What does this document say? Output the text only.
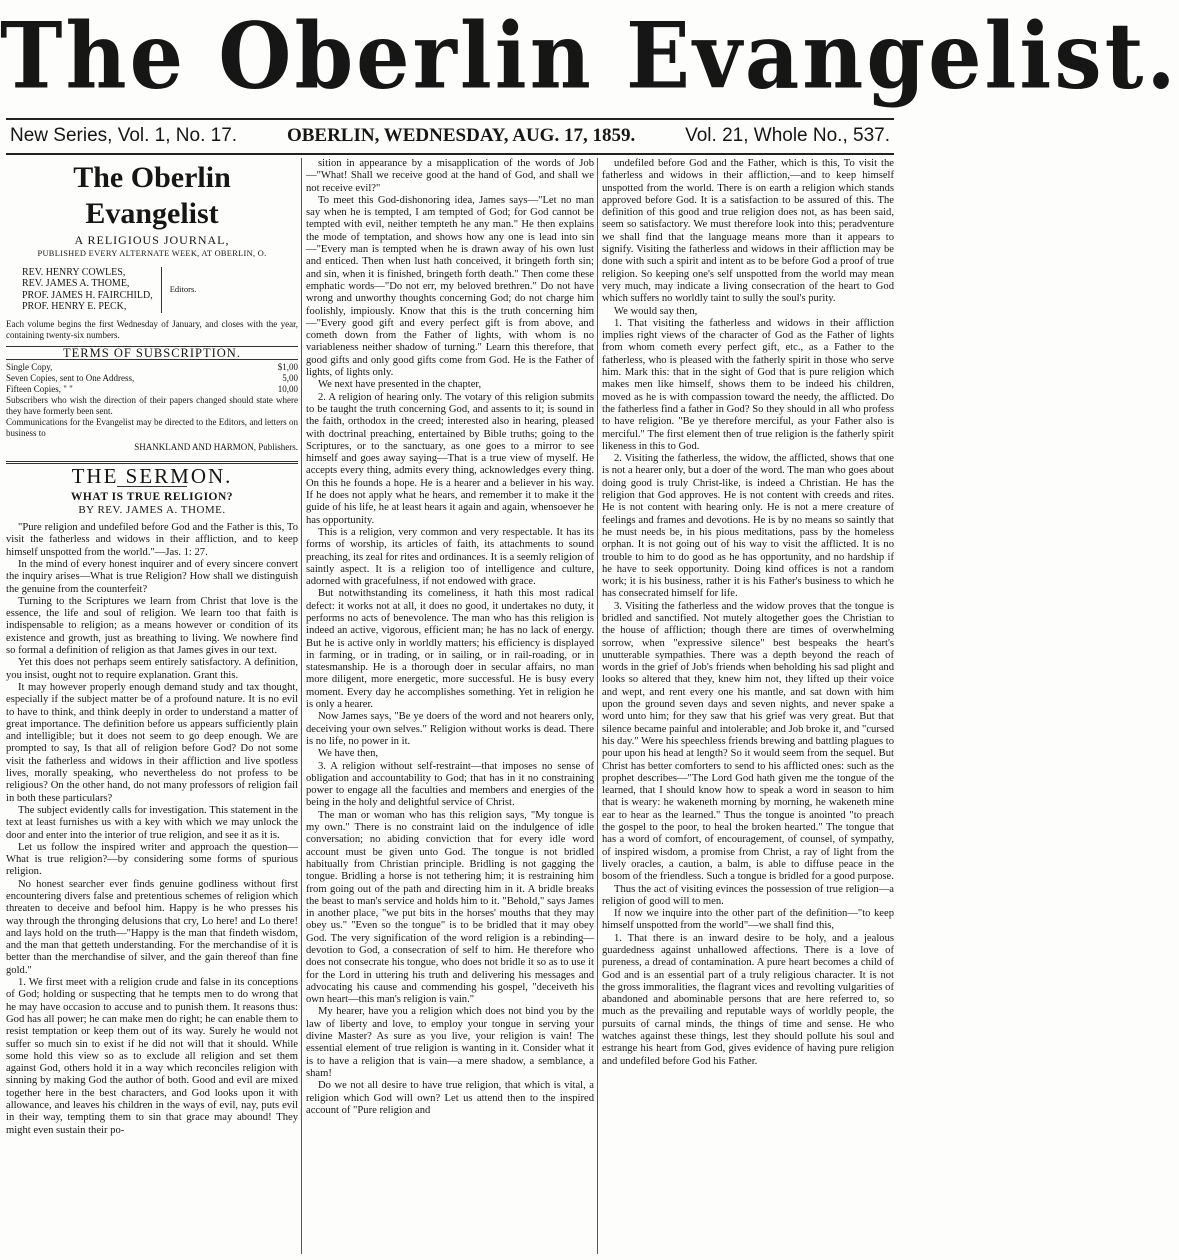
The Oberlin Evangelist.
New Series, Vol. 1, No. 17.	OBERLIN, WEDNESDAY, AUG. 17, 1859.	Vol. 21, Whole No., 537.
The Oberlin Evangelist
A RELIGIOUS JOURNAL,
PUBLISHED EVERY ALTERNATE WEEK, AT OBERLIN, O.
REV. HENRY COWLES,
REV. JAMES A. THOME,
PROF. JAMES H. FAIRCHILD,
PROF. HENRY E. PECK,
Editors.
Each volume begins the first Wednesday of January, and closes with the year, containing twenty-six numbers.
TERMS OF SUBSCRIPTION.
Single Copy,	$1,00
Seven Copies, sent to One Address,	5,00
Fifteen Copies, " "	10,00
Subscribers who wish the direction of their papers changed should state where they have formerly been sent.
Communications for the Evangelist may be directed to the Editors, and letters on business to
SHANKLAND AND HARMON, Publishers.
THE SERMON.
WHAT IS TRUE RELIGION?
BY REV. JAMES A. THOME.

"Pure religion and undefiled before God and the Father is this, To visit the fatherless and widows in their affliction, and to keep himself unspotted from the world."—Jas. 1: 27.

In the mind of every honest inquirer and of every sincere convert the inquiry arises—What is true Religion? How shall we distinguish the genuine from the counterfeit?

Turning to the Scriptures we learn from Christ that love is the essence, the life and soul of religion. We learn too that faith is indispensable to religion; as a means however or condition of its existence and growth, just as breathing to living. We nowhere find so formal a definition of religion as that James gives in our text.

Yet this does not perhaps seem entirely satisfactory. A definition, you insist, ought not to require explanation. Grant this.

It may however properly enough demand study and tax thought, especially if the subject matter be of a profound nature. It is no evil to have to think, and think deeply in order to understand a matter of great importance. The definition before us appears sufficiently plain and intelligible; but it does not seem to go deep enough. We are prompted to say, Is that all of religion before God? Do not some visit the fatherless and widows in their affliction and live spotless lives, morally speaking, who nevertheless do not profess to be religious? On the other hand, do not many professors of religion fail in both these particulars?

The subject evidently calls for investigation. This statement in the text at least furnishes us with a key with which we may unlock the door and enter into the interior of true religion, and see it as it is.

Let us follow the inspired writer and approach the question—What is true religion?—by considering some forms of spurious religion.

No honest searcher ever finds genuine godliness without first encountering divers false and pretentious schemes of religion which threaten to deceive and befool him. Happy is he who presses his way through the thronging delusions that cry, Lo here! and Lo there! and lays hold on the truth—"Happy is the man that findeth wisdom, and the man that getteth understanding. For the merchandise of it is better than the merchandise of silver, and the gain thereof than fine gold."

1. We first meet with a religion crude and false in its conceptions of God; holding or suspecting that he tempts men to do wrong that he may have occasion to accuse and to punish them. It reasons thus: God has all power; he can make men do right; he can enable them to resist temptation or keep them out of its way. Surely he would not suffer so much sin to exist if he did not will that it should. While some hold this view so as to exclude all religion and set them against God, others hold it in a way which reconciles religion with sinning by making God the author of both. Good and evil are mixed together here in the best characters, and God looks upon it with allowance, and leaves his children in the ways of evil, nay, puts evil in their way, tempting them to sin that grace may abound! They might even sustain their po-

sition in appearance by a misapplication of the words of Job—"What! Shall we receive good at the hand of God, and shall we not receive evil?"

To meet this God-dishonoring idea, James says—"Let no man say when he is tempted, I am tempted of God; for God cannot be tempted with evil, neither tempteth he any man." He then explains the mode of temptation, and shows how any one is lead into sin—"Every man is tempted when he is drawn away of his own lust and enticed. Then when lust hath conceived, it bringeth forth sin; and sin, when it is finished, bringeth forth death." Then come these emphatic words—"Do not err, my beloved brethren." Do not have wrong and unworthy thoughts concerning God; do not charge him foolishly, impiously. Know that this is the truth concerning him—"Every good gift and every perfect gift is from above, and cometh down from the Father of lights, with whom is no variableness neither shadow of turning." Learn this therefore, that good gifts and only good gifts come from God. He is the Father of lights, of lights only.

We next have presented in the chapter,

2. A religion of hearing only. The votary of this religion submits to be taught the truth concerning God, and assents to it; is sound in the faith, orthodox in the creed; interested also in hearing, pleased with doctrinal preaching, entertained by Bible truths; going to the Scriptures, or to the sanctuary, as one goes to a mirror to see himself and goes away saying—That is a true view of myself. He accepts every thing, admits every thing, acknowledges every thing. On this he founds a hope. He is a hearer and a believer in his way. If he does not apply what he hears, and remember it to make it the guide of his life, he at least hears it again and again, whensoever he has opportunity.

This is a religion, very common and very respectable. It has its forms of worship, its articles of faith, its attachments to sound preaching, its zeal for rites and ordinances. It is a seemly religion of saintly aspect. It is a religion too of intelligence and culture, adorned with gracefulness, if not endowed with grace.

But notwithstanding its comeliness, it hath this most radical defect: it works not at all, it does no good, it undertakes no duty, it performs no acts of benevolence. The man who has this religion is indeed an active, vigorous, efficient man; he has no lack of energy. But he is active only in worldly matters; his efficiency is displayed in farming, or in trading, or in sailing, or in rail-roading, or in statesmanship. He is a thorough doer in secular affairs, no man more diligent, more energetic, more successful. He is busy every moment. Every day he accomplishes something. Yet in religion he is only a hearer.

Now James says, "Be ye doers of the word and not hearers only, deceiving your own selves." Religion without works is dead. There is no life, no power in it.

We have then,

3. A religion without self-restraint—that imposes no sense of obligation and accountability to God; that has in it no constraining power to engage all the faculties and members and energies of the being in the holy and delightful service of Christ.

The man or woman who has this religion says, "My tongue is my own." There is no constraint laid on the indulgence of idle conversation; no abiding conviction that for every idle word account must be given unto God. The tongue is not bridled habitually from Christian principle. Bridling is not gagging the tongue. Bridling a horse is not tethering him; it is restraining him from going out of the path and directing him in it. A bridle breaks the beast to man's service and holds him to it. "Behold," says James in another place, "we put bits in the horses' mouths that they may obey us." "Even so the tongue" is to be bridled that it may obey God. The very signification of the word religion is a rebinding—devotion to God, a consecration of self to him. He therefore who does not consecrate his tongue, who does not bridle it so as to use it for the Lord in uttering his truth and delivering his messages and advocating his cause and commending his gospel, "deceiveth his own heart—this man's religion is vain."

My hearer, have you a religion which does not bind you by the law of liberty and love, to employ your tongue in serving your divine Master? As sure as you live, your religion is vain! The essential element of true religion is wanting in it. Consider what it is to have a religion that is vain—a mere shadow, a semblance, a sham!

Do we not all desire to have true religion, that which is vital, a religion which God will own? Let us attend then to the inspired account of "Pure religion and

undefiled before God and the Father, which is this, To visit the fatherless and widows in their affliction,—and to keep himself unspotted from the world. There is on earth a religion which stands approved before God. It is a satisfaction to be assured of this. The definition of this good and true religion does not, as has been said, seem so satisfactory. We must therefore look into this; peradventure we shall find that the language means more than it appears to signify. Visiting the fatherless and widows in their affliction may be done with such a spirit and intent as to be before God a proof of true religion. So keeping one's self unspotted from the world may mean very much, may indicate a living consecration of the heart to God which suffers no worldly taint to sully the soul's purity.

We would say then,

1. That visiting the fatherless and widows in their affliction implies right views of the character of God as the Father of lights from whom cometh every perfect gift, etc., as a Father to the fatherless, who is pleased with the fatherly spirit in those who serve him. Mark this: that in the sight of God that is pure religion which makes men like himself, shows them to be indeed his children, moved as he is with compassion toward the needy, the afflicted. Do the fatherless find a father in God? So they should in all who profess to have religion. "Be ye therefore merciful, as your Father also is merciful." The first element then of true religion is the fatherly spirit likeness in this to God.

2. Visiting the fatherless, the widow, the afflicted, shows that one is not a hearer only, but a doer of the word. The man who goes about doing good is truly Christ-like, is indeed a Christian. He has the religion that God approves. He is not content with creeds and rites. He is not content with hearing only. He is not a mere creature of feelings and frames and devotions. He is by no means so saintly that he must needs be, in his pious meditations, pass by the homeless orphan. It is not going out of his way to visit the afflicted. It is no trouble to him to do good as he has opportunity, and no hardship if he have to seek opportunity. Doing kind offices is not a random work; it is his business, rather it is his Father's business to which he has consecrated himself for life.

3. Visiting the fatherless and the widow proves that the tongue is bridled and sanctified. Not mutely altogether goes the Christian to the house of affliction; though there are times of overwhelming sorrow, when "expressive silence" best bespeaks the heart's unutterable sympathies. There was a depth beyond the reach of words in the grief of Job's friends when beholding his sad plight and looks so altered that they, knew him not, they lifted up their voice and wept, and rent every one his mantle, and sat down with him upon the ground seven days and seven nights, and never spake a word unto him; for they saw that his grief was very great. But that silence became painful and intolerable; and Job broke it, and "cursed his day." Were his speechless friends brewing and battling plagues to pour upon his head at length? So it would seem from the sequel. But Christ has better comforters to send to his afflicted ones: such as the prophet describes—"The Lord God hath given me the tongue of the learned, that I should know how to speak a word in season to him that is weary: he wakeneth morning by morning, he wakeneth mine ear to hear as the learned." Thus the tongue is anointed "to preach the gospel to the poor, to heal the broken hearted." The tongue that has a word of comfort, of encouragement, of counsel, of sympathy, of inspired wisdom, a promise from Christ, a ray of light from the lively oracles, a caution, a balm, is able to diffuse peace in the bosom of the friendless. Such a tongue is bridled for a good purpose.

Thus the act of visiting evinces the possession of true religion—a religion of good will to men.

If now we inquire into the other part of the definition—"to keep himself unspotted from the world"—we shall find this,

1. That there is an inward desire to be holy, and a jealous guardedness against unhallowed affections. There is a love of pureness, a dread of contamination. A pure heart becomes a child of God and is an essential part of a truly religious character. It is not the gross immoralities, the flagrant vices and revolting vulgarities of abandoned and abominable persons that are here referred to, so much as the prevailing and reputable ways of worldly people, the pursuits of carnal minds, the things of time and sense. He who watches against these things, lest they should pollute his soul and estrange his heart from God, gives evidence of having pure religion and undefiled before God his Father.
